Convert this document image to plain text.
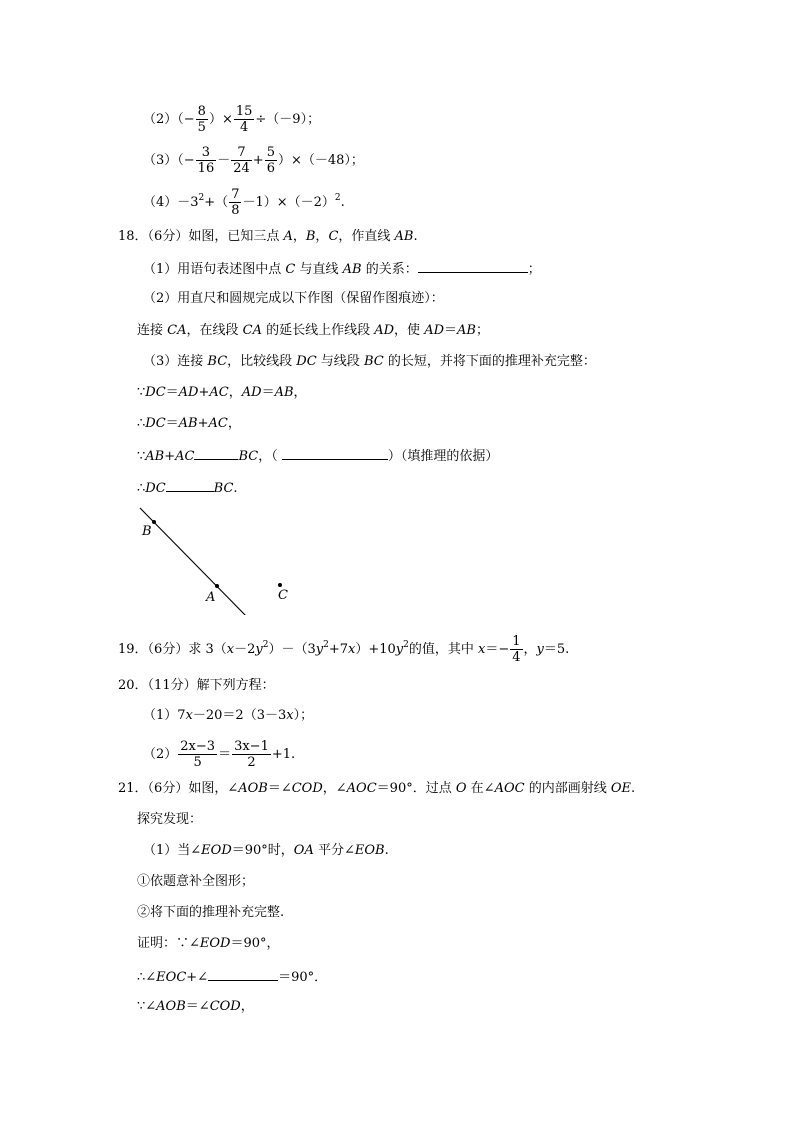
$(2)(- \frac{8}{5}$ ）× $\frac{15}{4} \div(-9)$；
$(3)(- \frac{3}{16} - \frac{7}{24} + \frac{5}{6} )\times(-48)$；
$(4)-3^2+( \frac{7}{8} -1)\times(-2)^2$.
18．（6分）如图，已知三点 A，B，C，作直线 AB.
（1）用语句表述图中点 C 与直线 AB 的关系：	；
（2）用直尺和圆规完成以下作图（保留作图痕迹）：
连接 CA，在线段 CA 的延长线上作线段 AD，使 AD＝AB；
（3）连接 BC，比较线段 DC 与线段 BC 的长短，并将下面的推理补充完整：
∵DC＝AD+AC，AD＝AB，
∴DC＝AB+AC，
∵AB+AC	BC，（	）（填推理的依据）
∴DC	BC.
B
A	C
19．（6分）求 $3(x-2y^2)-(3y^2+7x)+10y^2$的值，其中 $x=- \frac{1}{4}$ ，y＝5.
20．（11分）解下列方程：
（1）7x－20＝2（3－3x）；
$(2) \frac{2x-3}{5} = \frac{3x-1}{2} +1$.
21．（6分）如图，∠AOB＝∠COD，∠AOC＝90°．过点 O 在∠AOC 的内部画射线 OE.
探究发现：
（1）当∠EOD＝90°时，OA 平分∠EOB.
①依题意补全图形；
②将下面的推理补充完整.
证明：∵∠EOD＝90°，
∴∠EOC+∠	＝90°．
∵∠AOB＝∠COD，
